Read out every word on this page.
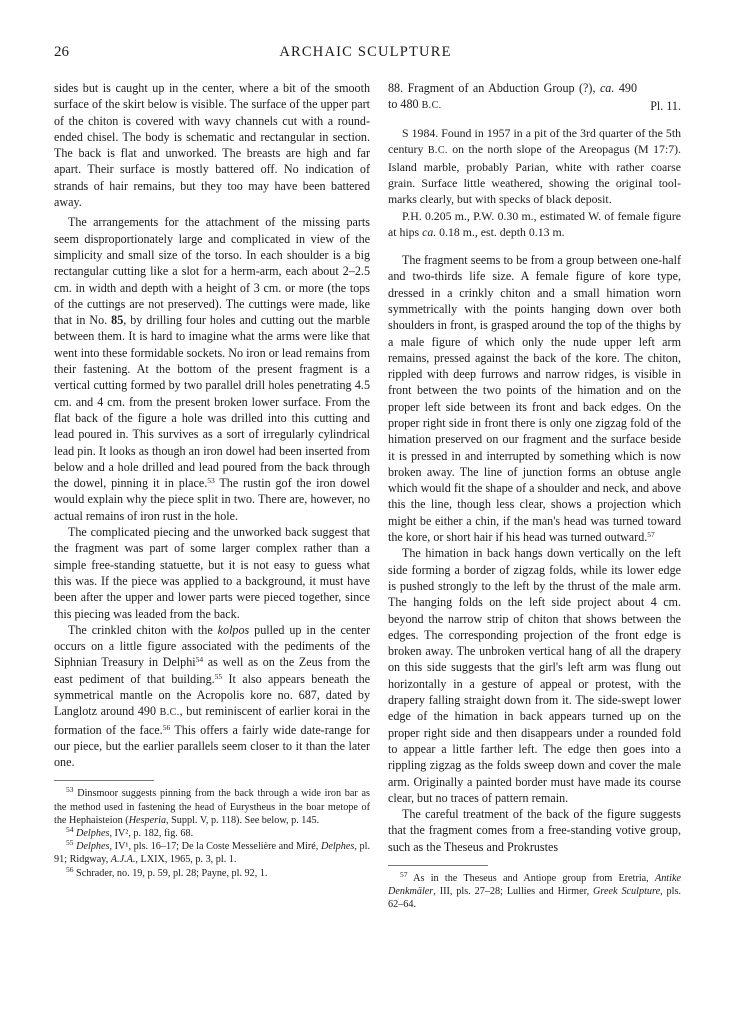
26	ARCHAIC SCULPTURE

sides but is caught up in the center, where a bit of the smooth surface of the skirt below is visible. The surface of the upper part of the chiton is covered with wavy channels cut with a round-ended chisel. The body is schematic and rectangular in section. The back is flat and unworked. The breasts are high and far apart. Their surface is mostly battered off. No indication of strands of hair remains, but they too may have been battered away.

The arrangements for the attachment of the missing parts seem disproportionately large and complicated in view of the simplicity and small size of the torso. In each shoulder is a big rectangular cutting like a slot for a herm-arm, each about 2–2.5 cm. in width and depth with a height of 3 cm. or more (the tops of the cuttings are not preserved). The cuttings were made, like that in No. 85, by drilling four holes and cutting out the marble between them. It is hard to imagine what the arms were like that went into these formidable sockets. No iron or lead remains from their fastening. At the bottom of the present fragment is a vertical cutting formed by two parallel drill holes penetrating 4.5 cm. and 4 cm. from the present broken lower surface. From the flat back of the figure a hole was drilled into this cutting and lead poured in. This survives as a sort of irregularly cylindrical lead pin. It looks as though an iron dowel had been inserted from below and a hole drilled and lead poured from the back through the dowel, pinning it in place.$^{53}$ The rustin gof the iron dowel would explain why the piece split in two. There are, however, no actual remains of iron rust in the hole.

The complicated piecing and the unworked back suggest that the fragment was part of some larger complex rather than a simple free-standing statuette, but it is not easy to guess what this was. If the piece was applied to a background, it must have been after the upper and lower parts were pieced together, since this piecing was leaded from the back.

The crinkled chiton with the kolpos pulled up in the center occurs on a little figure associated with the pediments of the Siphnian Treasury in Delphi$^{54}$ as well as on the Zeus from the east pediment of that building.$^{55}$ It also appears beneath the symmetrical mantle on the Acropolis kore no. 687, dated by Langlotz around 490 B.C., but reminiscent of earlier korai in the formation of the face.$^{56}$ This offers a fairly wide date-range for our piece, but the earlier parallels seem closer to it than the later one.

$^{53}$ Dinsmoor suggests pinning from the back through a wide iron bar as the method used in fastening the head of Eurystheus in the boar metope of the Hephaisteion (Hesperia, Suppl. V, p. 118). See below, p. 145.

$^{54}$ Delphes, IV², p. 182, fig. 68.

$^{55}$ Delphes, IV¹, pls. 16–17; De la Coste Messelière and Miré, Delphes, pl. 91; Ridgway, A.J.A., LXIX, 1965, p. 3, pl. 1.

$^{56}$ Schrader, no. 19, p. 59, pl. 28; Payne, pl. 92, 1.

88. Fragment of an Abduction Group (?), ca. 490 to 480 B.C.	Pl. 11.

S 1984. Found in 1957 in a pit of the 3rd quarter of the 5th century B.C. on the north slope of the Areopagus (M 17:7). Island marble, probably Parian, white with rather coarse grain. Surface little weathered, showing the original tool-marks clearly, but with specks of black deposit.

P.H. 0.205 m., P.W. 0.30 m., estimated W. of female figure at hips ca. 0.18 m., est. depth 0.13 m.

The fragment seems to be from a group between one-half and two-thirds life size. A female figure of kore type, dressed in a crinkly chiton and a small himation worn symmetrically with the points hanging down over both shoulders in front, is grasped around the top of the thighs by a male figure of which only the nude upper left arm remains, pressed against the back of the kore. The chiton, rippled with deep furrows and narrow ridges, is visible in front between the two points of the himation and on the proper left side between its front and back edges. On the proper right side in front there is only one zigzag fold of the himation preserved on our fragment and the surface beside it is pressed in and interrupted by something which is now broken away. The line of junction forms an obtuse angle which would fit the shape of a shoulder and neck, and above this the line, though less clear, shows a projection which might be either a chin, if the man's head was turned toward the kore, or short hair if his head was turned outward.$^{57}$

The himation in back hangs down vertically on the left side forming a border of zigzag folds, while its lower edge is pushed strongly to the left by the thrust of the male arm. The hanging folds on the left side project about 4 cm. beyond the narrow strip of chiton that shows between the edges. The corresponding projection of the front edge is broken away. The unbroken vertical hang of all the drapery on this side suggests that the girl's left arm was flung out horizontally in a gesture of appeal or protest, with the drapery falling straight down from it. The side-swept lower edge of the himation in back appears turned up on the proper right side and then disappears under a rounded fold to appear a little farther left. The edge then goes into a rippling zigzag as the folds sweep down and cover the male arm. Originally a painted border must have made its course clear, but no traces of pattern remain.

The careful treatment of the back of the figure suggests that the fragment comes from a free-standing votive group, such as the Theseus and Prokrustes

$^{57}$ As in the Theseus and Antiope group from Eretria, Antike Denkmäler, III, pls. 27–28; Lullies and Hirmer, Greek Sculpture, pls. 62–64.
